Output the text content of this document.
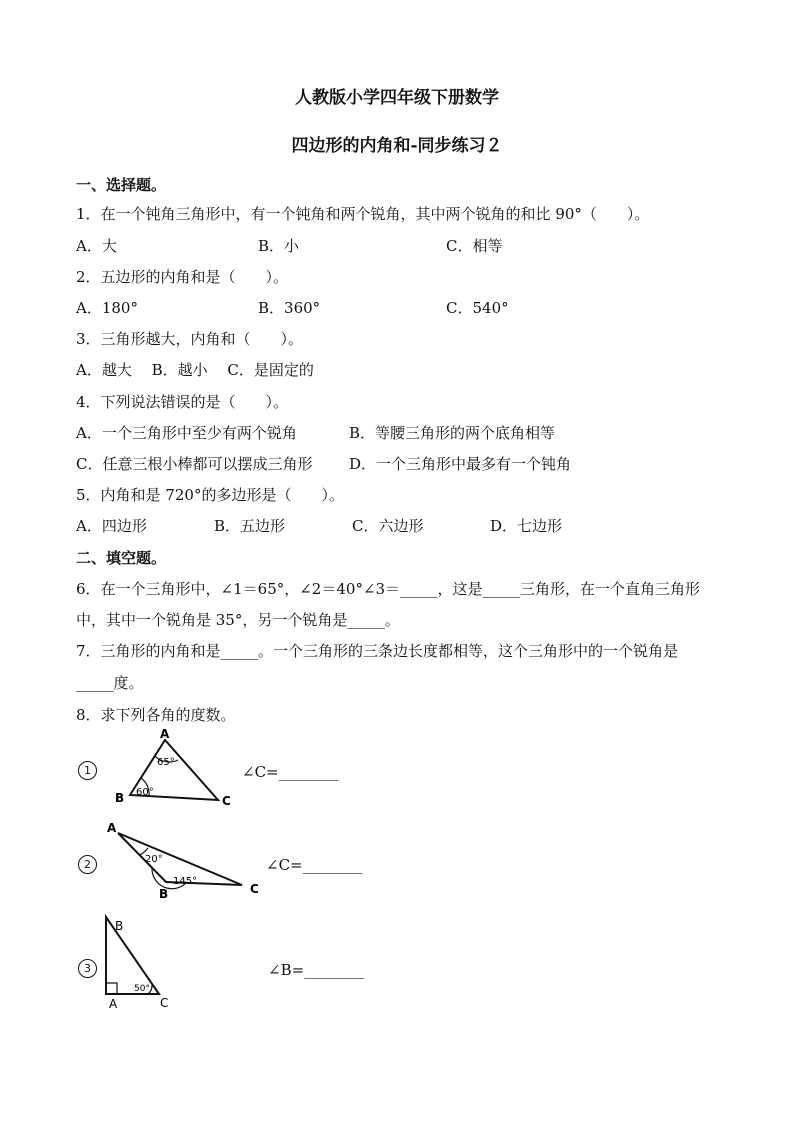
人教版小学四年级下册数学
四边形的内角和-同步练习２
一、选择题。
1．在一个钝角三角形中，有一个钝角和两个锐角，其中两个锐角的和比 90°（　　）。
A．大	B．小	C．相等
2．五边形的内角和是（　　）。
A．180°	B．360°	C．540°
3．三角形越大，内角和（　　）。
A．越大　 B．越小　 C．是固定的
4．下列说法错误的是（　　）。
A．一个三角形中至少有两个锐角	B．等腰三角形的两个底角相等
C．任意三根小棒都可以摆成三角形 D．一个三角形中最多有一个钝角
5．内角和是 720°的多边形是（　　）。
A．四边形	B．五边形	C．六边形	D．七边形
二、填空题。
6．在一个三角形中，∠1＝65°，∠2＝40°∠3＝_____，这是_____三角形，在一个直角三角形
中，其中一个锐角是 35°，另一个锐角是_____。
7．三角形的内角和是_____。一个三角形的三条边长度都相等，这个三角形中的一个锐角是
_____度。
8．求下列各角的度数。
1
A
B	C
65°
60°
∠C=________
2
A
B	C
20°
145°
∠C=________
3
B
A	C
50°
∠B=________
